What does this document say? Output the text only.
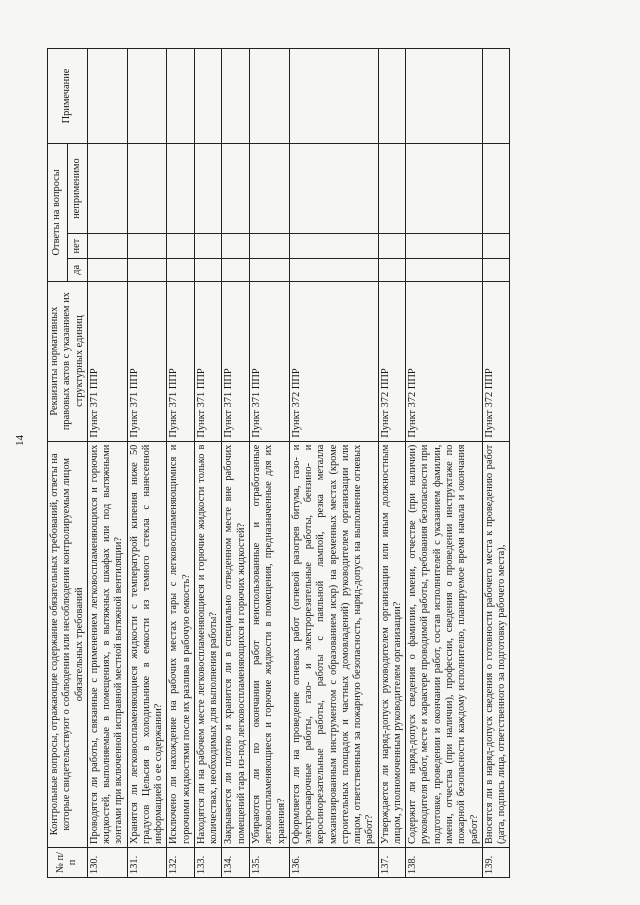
14
№ п/п	Контрольные вопросы, отражающие содержание обязательных требований, ответы на которые свидетельствуют о соблюдении или несоблюдении контролируемым лицом обязательных требований	Реквизиты нормативных правовых актов с указанием их структурных единиц	Ответы на вопросы			Примечание
			да	нет	неприменимо	
130.	Проводятся ли работы, связанные с применением легковоспламеняющихся и горючих жидкостей, выполняемые в помещениях, в вытяжных шкафах или под вытяжными зонтами при включенной исправной местной вытяжной вентиляции?	Пункт 371 ППР				
131.	Хранятся ли легковоспламеняющиеся жидкости с температурой кипения ниже 50 градусов Цельсия в холодильнике в емкости из темного стекла с нанесенной информацией о ее содержании?	Пункт 371 ППР				
132.	Исключено ли нахождение на рабочих местах тары с легковоспламеняющимися и горючими жидкостями после их разлива в рабочую емкость?	Пункт 371 ППР				
133.	Находятся ли на рабочем месте легковоспламеняющиеся и горючие жидкости только в количествах, необходимых для выполнения работы?	Пункт 371 ППР				
134.	Закрывается ли плотно и хранится ли в специально отведенном месте вне рабочих помещений тара из-под легковоспламеняющихся и горючих жидкостей?	Пункт 371 ППР				
135.	Убираются ли по окончании работ неиспользованные и отработанные легковоспламеняющиеся и горючие жидкости в помещения, предназначенные для их хранения?	Пункт 371 ППР				
136.	Оформляется ли на проведение огневых работ (огневой разогрев битума, газо- и электросварочные работы, газо- и электрорезательные работы, бензино- и керосинорезательные работы, работы с паяльной лампой, резка металла механизированным инструментом с образованием искр) на временных местах (кроме строительных площадок и частных домовладений) руководителем организации или лицом, ответственным за пожарную безопасность, наряд-допуск на выполнение огневых работ?	Пункт 372 ППР				
137.	Утверждается ли наряд-допуск руководителем организации или иным должностным лицом, уполномоченным руководителем организации?	Пункт 372 ППР				
138.	Содержит ли наряд-допуск сведения о фамилии, имени, отчестве (при наличии) руководителя работ, месте и характере проводимой работы, требования безопасности при подготовке, проведении и окончании работ, состав исполнителей с указанием фамилии, имени, отчества (при наличии), профессии, сведения о проведении инструктаже по пожарной безопасности каждому исполнителю, планируемое время начала и окончания работ?	Пункт 372 ППР				
139.	Вносятся ли в наряд-допуск сведения о готовности рабочего места к проведению работ (дата, подпись лица, ответственного за подготовку рабочего места),	Пункт 372 ППР				
